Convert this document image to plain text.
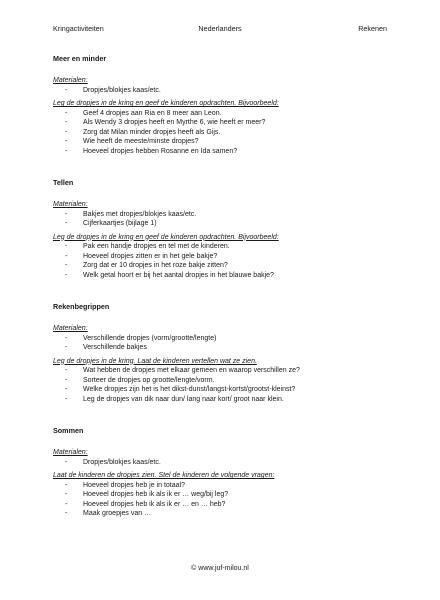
Kringactiviteiten	Nederlanders	Rekenen

Meer en minder

Materialen:

- Dropjes/blokjes kaas/etc.

Leg de dropjes in de kring en geef de kinderen opdrachten. Bijvoorbeeld:

- Geef 4 dropjes aan Ria en 8 meer aan Leon.
- Als Wendy 3 dropjes heeft en Myrthe 6, wie heeft er meer?
- Zorg dat Milan minder dropjes heeft als Gijs.
- Wie heeft de meeste/minste dropjes?
- Hoeveel dropjes hebben Rosanne en Ida samen?

Tellen

Materialen:

- Bakjes met dropjes/blokjes kaas/etc.
- Cijferkaartjes (bijlage 1)

Leg de dropjes in de kring en geef de kinderen opdrachten. Bijvoorbeeld:

- Pak een handje dropjes en tel met de kinderen.
- Hoeveel dropjes zitten er in het gele bakje?
- Zorg dat er 10 dropjes in het roze bakje zitten?
- Welk getal hoort er bij het aantal dropjes in het blauwe bakje?

Rekenbegrippen

Materialen:

- Verschillende dropjes (vorm/grootte/lengte)
- Verschillende bakjes

Leg de dropjes in de kring. Laat de kinderen vertellen wat ze zien.

- Wat hebben de dropjes met elkaar gemeen en waarop verschillen ze?
- Sorteer de dropjes op grootte/lengte/vorm.
- Welke dropjes zijn het is het dikst-dunst/langst-kortst/grootst-kleinst?
- Leg de dropjes van dik naar dun/ lang naar kort/ groot naar klein.

Sommen

Materialen:

- Dropjes/blokjes kaas/etc.

Laat de kinderen de dropjes zien. Stel de kinderen de volgende vragen:

- Hoeveel dropjes heb je in totaal?
- Hoeveel dropjes heb ik als ik er … weg/bij leg?
- Hoeveel dropjes heb ik als ik er … en … heb?
- Maak groepjes van …
© www.juf-milou.nl
